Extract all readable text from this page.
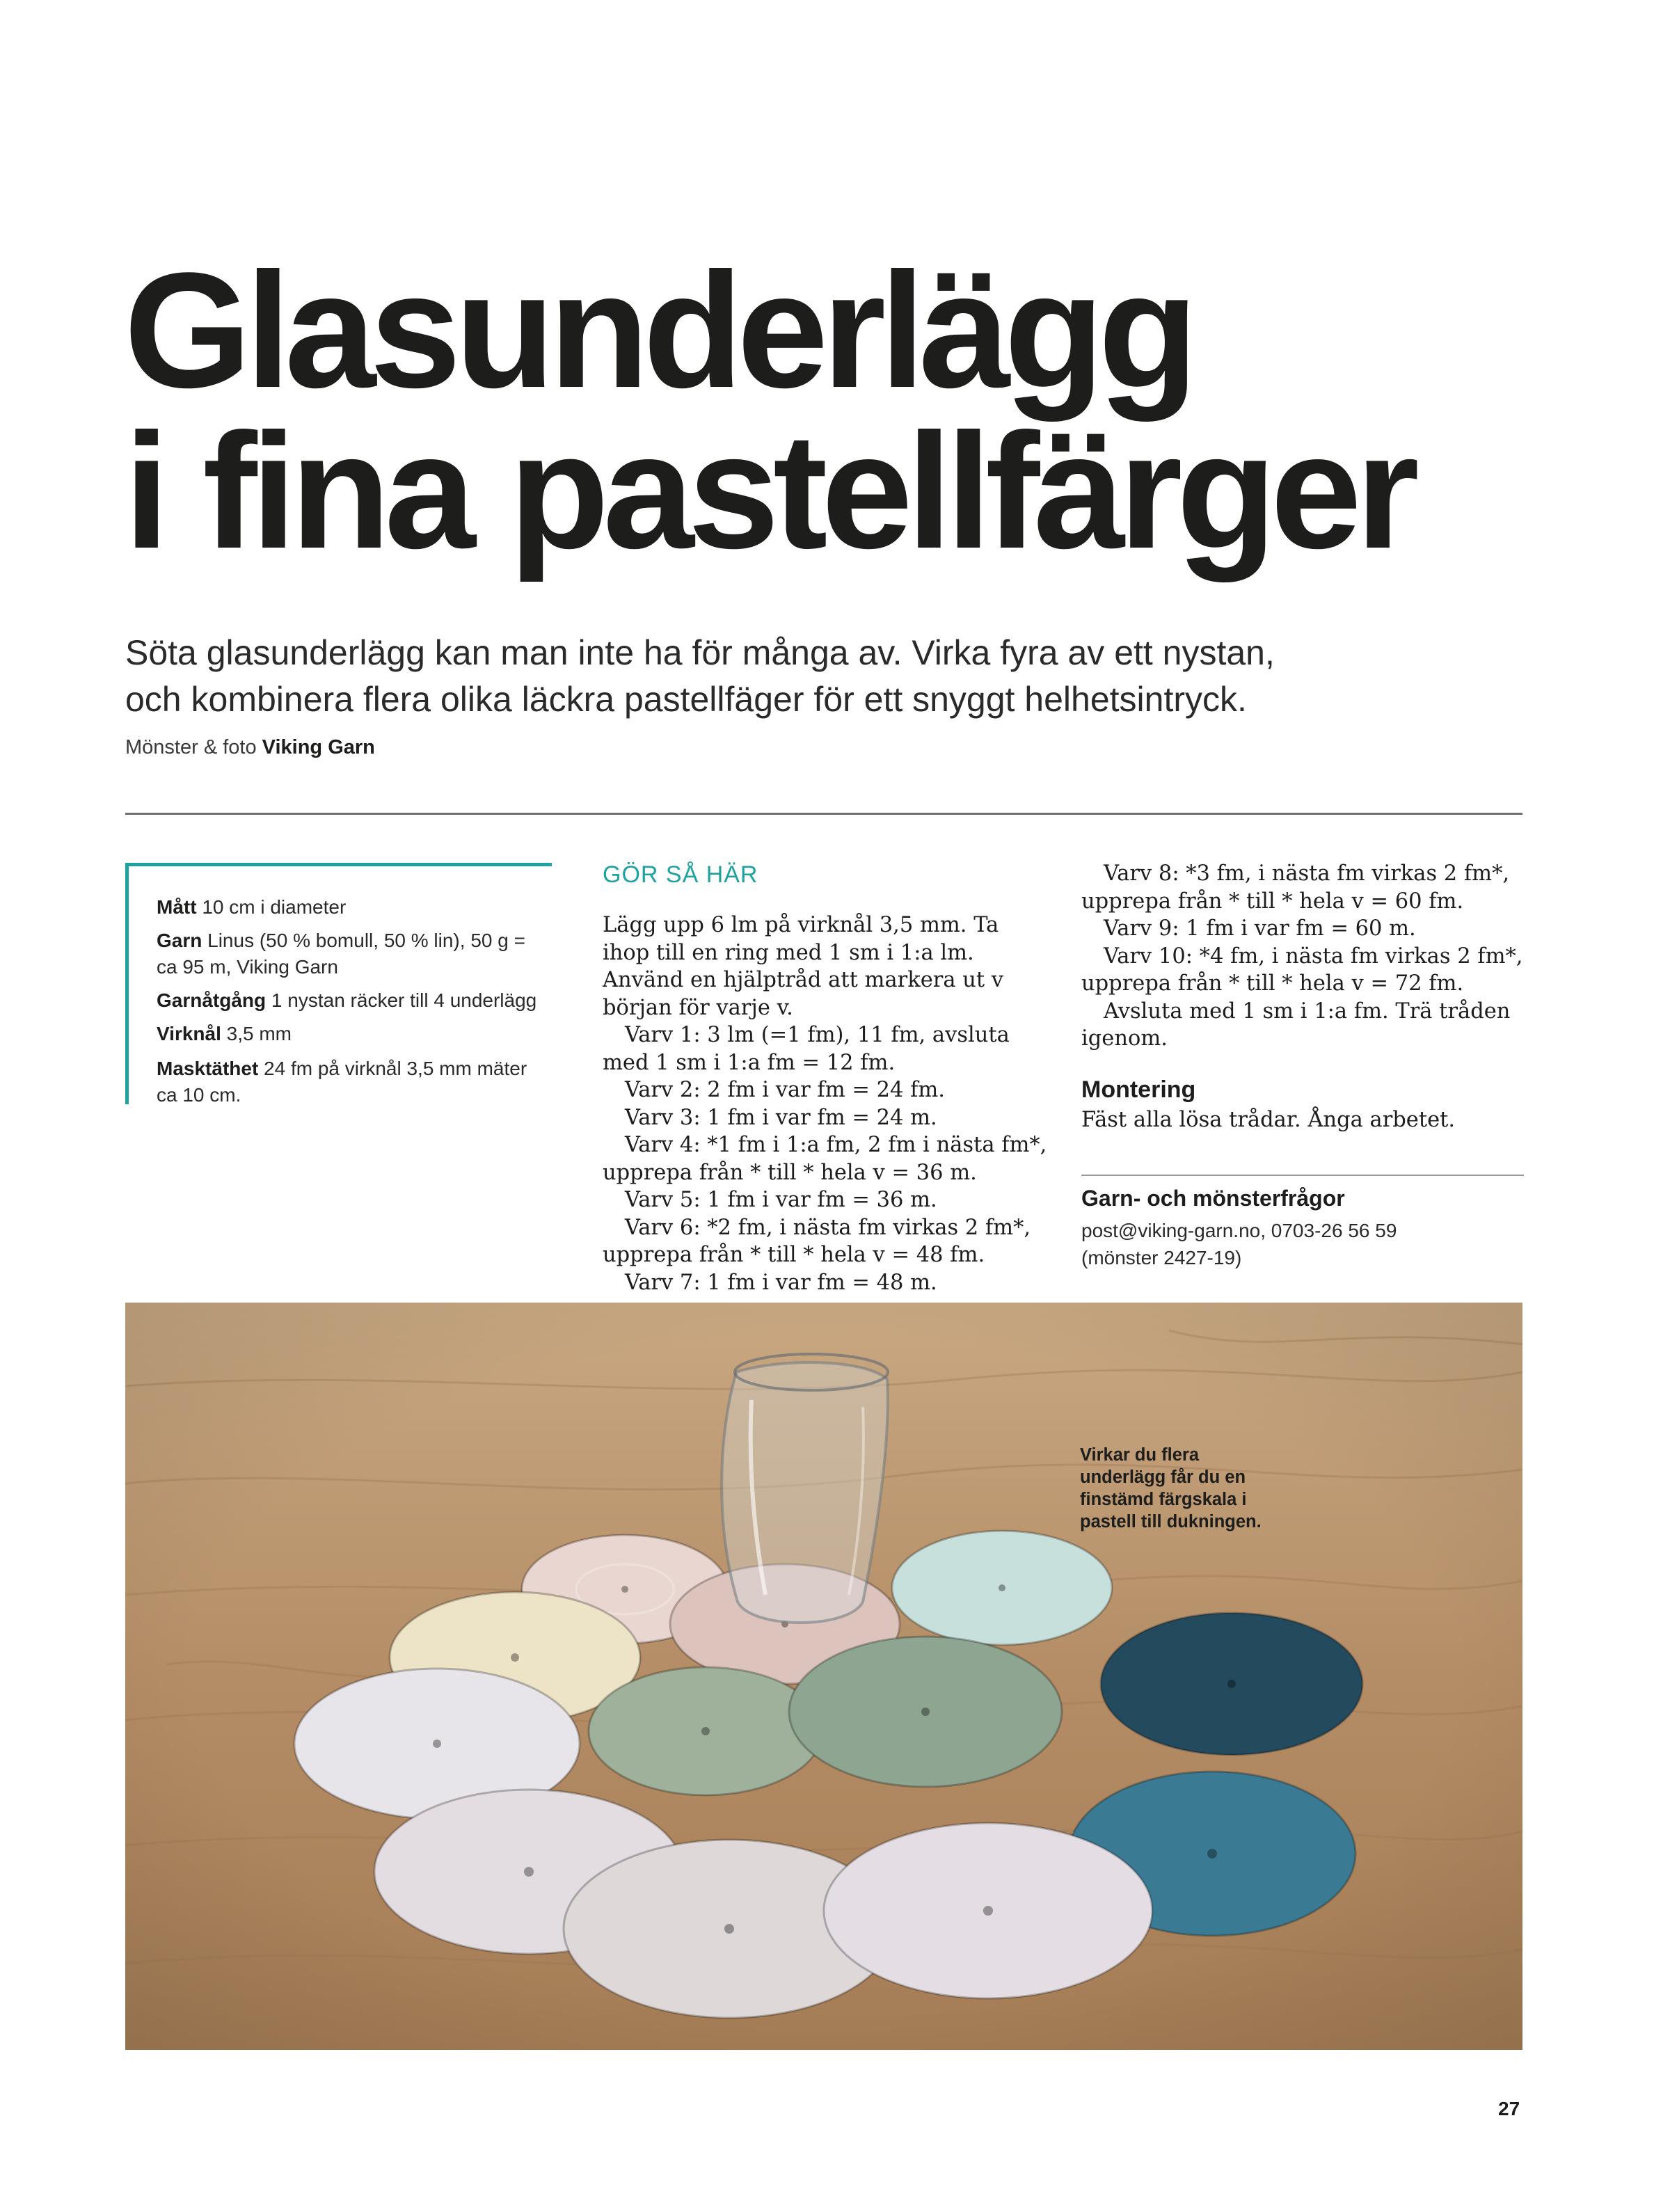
Glasunderlägg
i fina pastellfärger

Söta glasunderlägg kan man inte ha för många av. Virka fyra av ett nystan,
och kombinera flera olika läckra pastellfäger för ett snyggt helhetsintryck.

Mönster & foto Viking Garn
Mått 10 cm i diameter
Garn Linus (50 % bomull, 50 % lin), 50 g = ca 95 m, Viking Garn
Garnåtgång 1 nystan räcker till 4 underlägg
Virknål 3,5 mm
Masktäthet 24 fm på virknål 3,5 mm mäter ca 10 cm.
GÖR SÅ HÄR

Lägg upp 6 lm på virknål 3,5 mm. Ta ihop till en ring med 1 sm i 1:a lm. Använd en hjälptråd att markera ut v början för varje v.

Varv 1: 3 lm (=1 fm), 11 fm, avsluta med 1 sm i 1:a fm = 12 fm.

Varv 2: 2 fm i var fm = 24 fm.

Varv 3: 1 fm i var fm = 24 m.

Varv 4: *1 fm i 1:a fm, 2 fm i nästa fm*, upprepa från * till * hela v = 36 m.

Varv 5: 1 fm i var fm = 36 m.

Varv 6: *2 fm, i nästa fm virkas 2 fm*, upprepa från * till * hela v = 48 fm.

Varv 7: 1 fm i var fm = 48 m.

Varv 8: *3 fm, i nästa fm virkas 2 fm*, upprepa från * till * hela v = 60 fm.

Varv 9: 1 fm i var fm = 60 m.

Varv 10: *4 fm, i nästa fm virkas 2 fm*, upprepa från * till * hela v = 72 fm.

Avsluta med 1 sm i 1:a fm. Trä tråden igenom.

Montering

Fäst alla lösa trådar. Ånga arbetet.

Garn- och mönsterfrågor

post@viking-garn.no, 0703-26 56 59

(mönster 2427-19)

Virkar du flera
underlägg får du en
finstämd färgskala i
pastell till dukningen.

27
